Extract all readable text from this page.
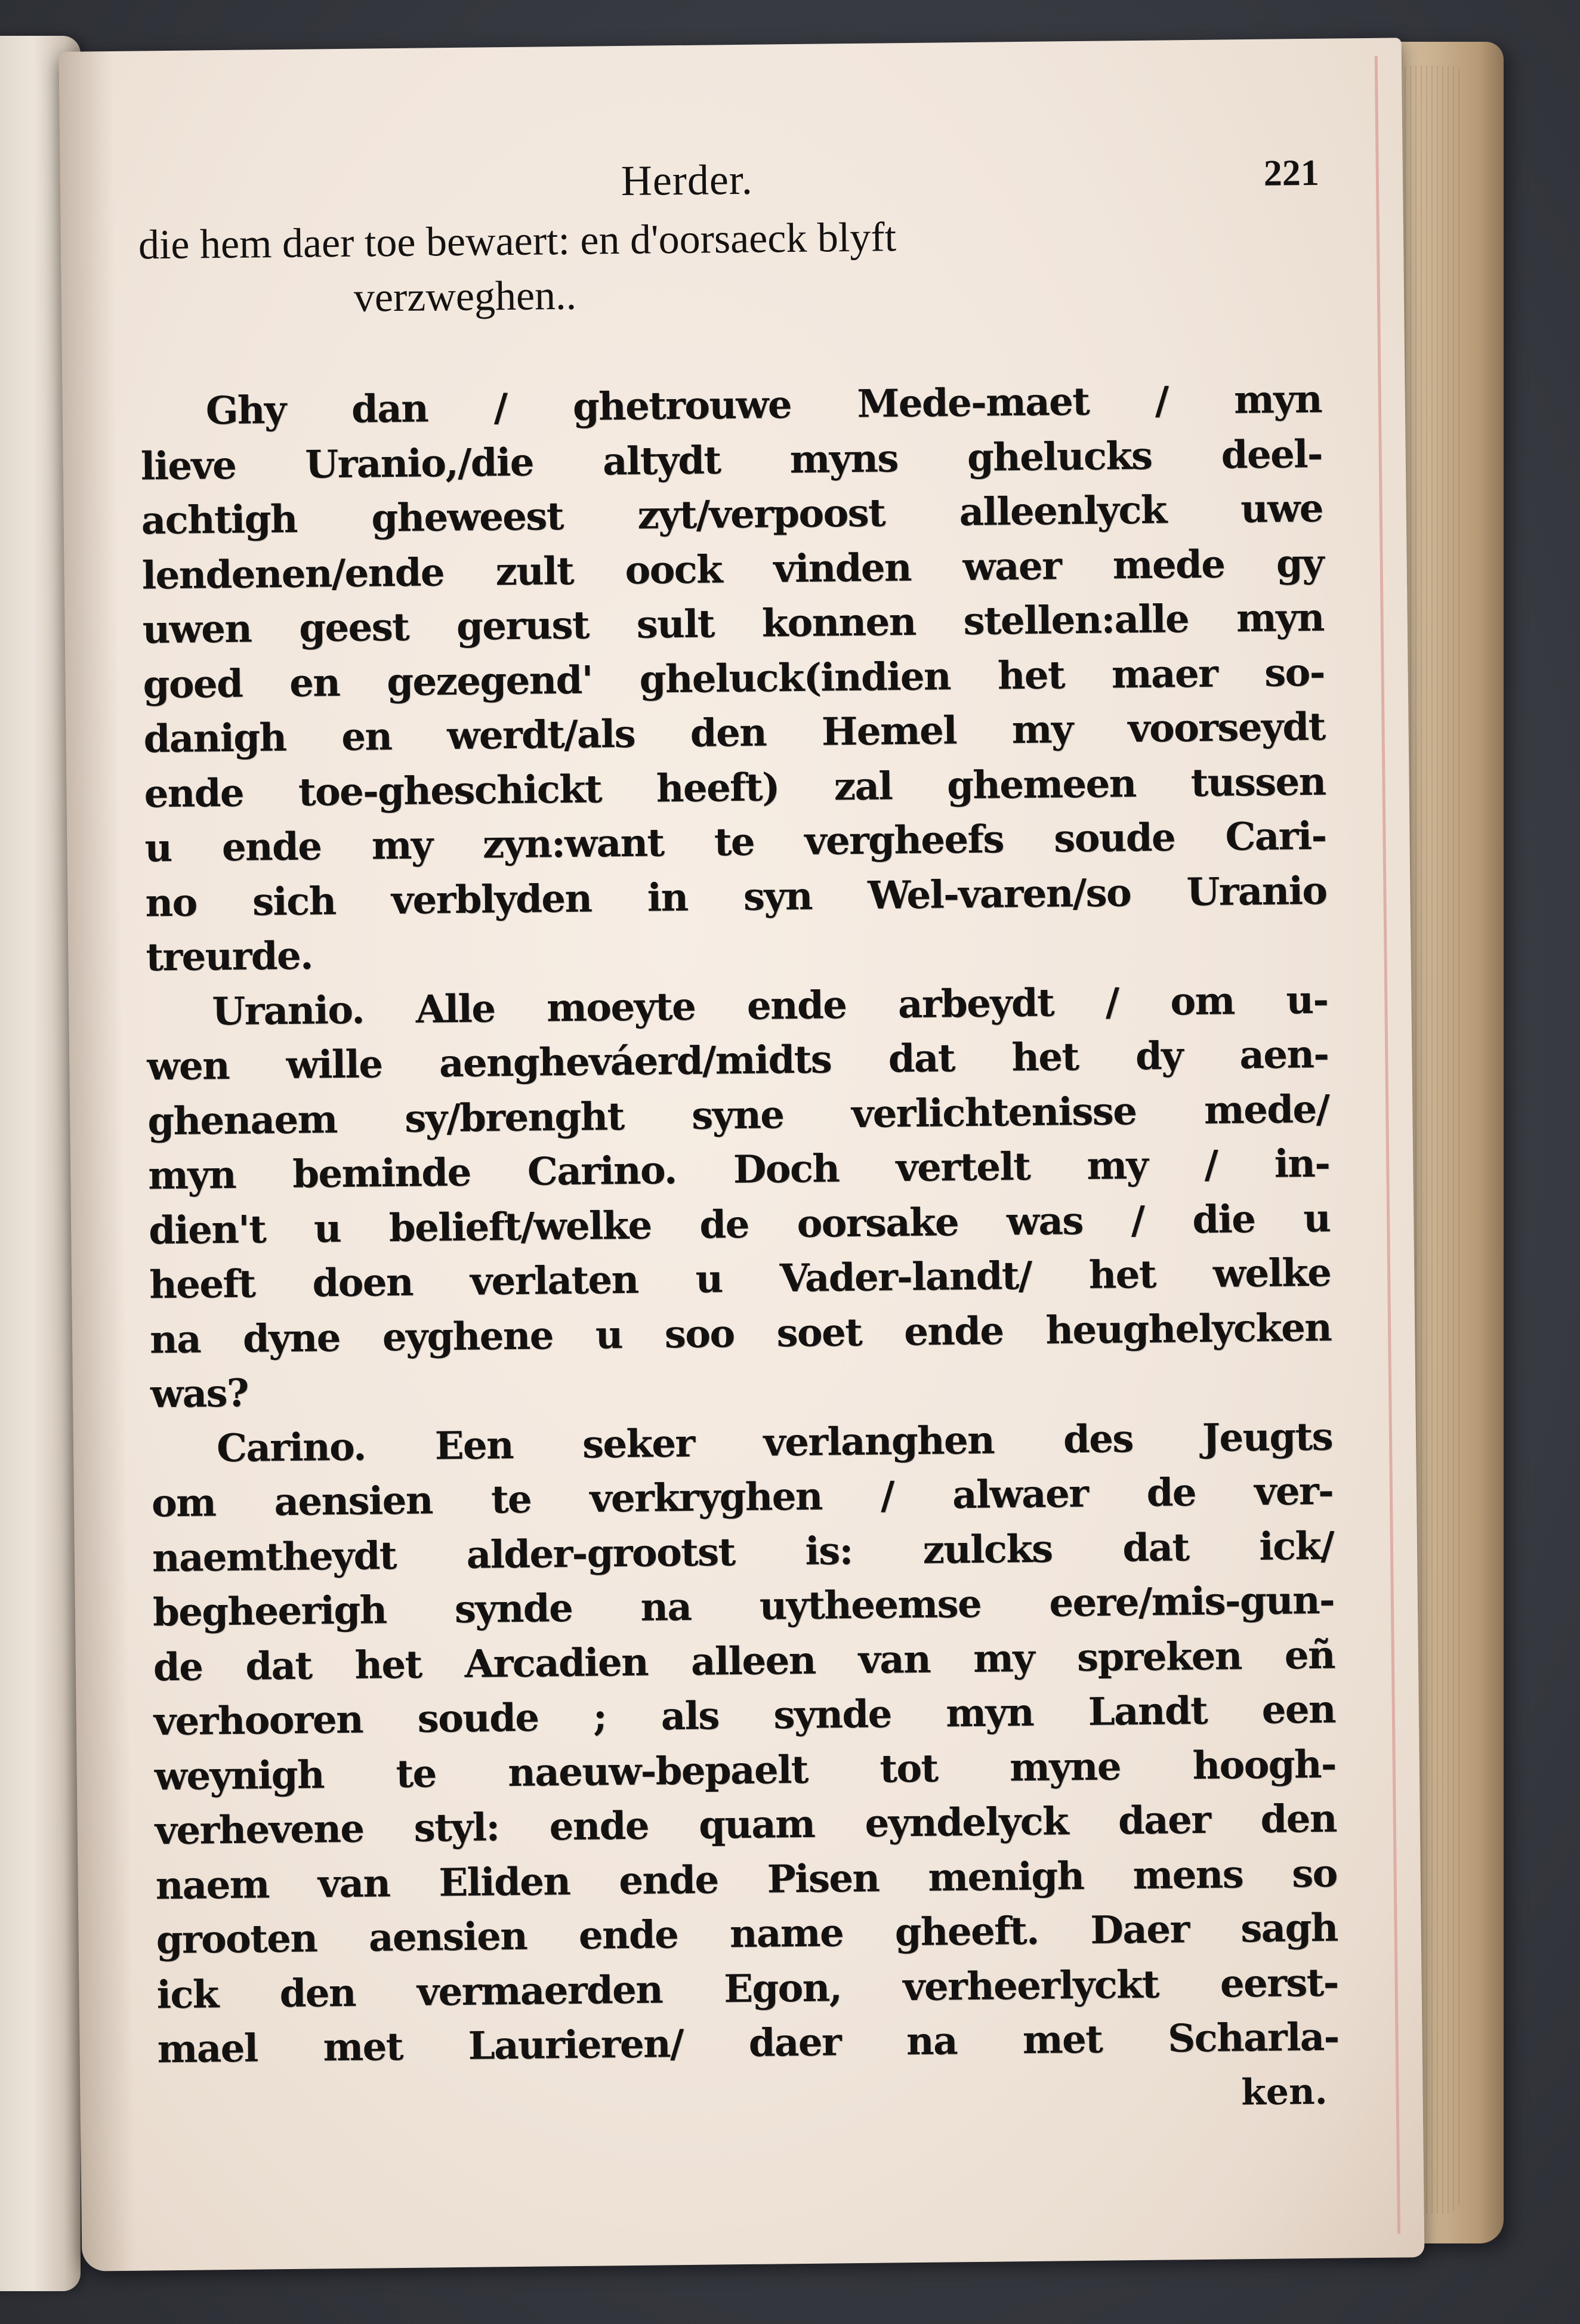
Herder.	221
die hem daer toe bewaert: en d'oorsaeck blyft
verzweghen..
Ghy dan / ghetrouwe Mede-maet / myn
lieve Uranio,/die altydt myns ghelucks deel-
achtigh gheweest zyt/verpoost alleenlyck uwe
lendenen/ende zult oock vinden waer mede gy
uwen geest gerust sult konnen stellen:alle myn
goed en gezegend' gheluck(indien het maer so-
danigh en werdt/als den Hemel my voorseydt
ende toe-gheschickt heeft) zal ghemeen tussen
u ende my zyn:want te vergheefs soude Cari-
no sich verblyden in syn Wel-varen/so Uranio
treurde.
Uranio. Alle moeyte ende arbeydt / om u-
wen wille aengheváerd/midts dat het dy aen-
ghenaem sy/brenght syne verlichtenisse mede/
myn beminde Carino. Doch vertelt my / in-
dien't u belieft/welke de oorsake was / die u
heeft doen verlaten u Vader-landt/ het welke
na dyne eyghene u soo soet ende heughelycken
was?
Carino. Een seker verlanghen des Jeugts
om aensien te verkryghen / alwaer de ver-
naemtheydt alder-grootst is: zulcks dat ick/
begheerigh synde na uytheemse eere/mis-gun-
de dat het Arcadien alleen van my spreken eñ
verhooren soude ; als synde myn Landt een
weynigh te naeuw-bepaelt tot myne hoogh-
verhevene styl: ende quam eyndelyck daer den
naem van Eliden ende Pisen menigh mens so
grooten aensien ende name gheeft. Daer sagh
ick den vermaerden Egon, verheerlyckt eerst-
mael met Laurieren/ daer na met Scharla-
ken.
